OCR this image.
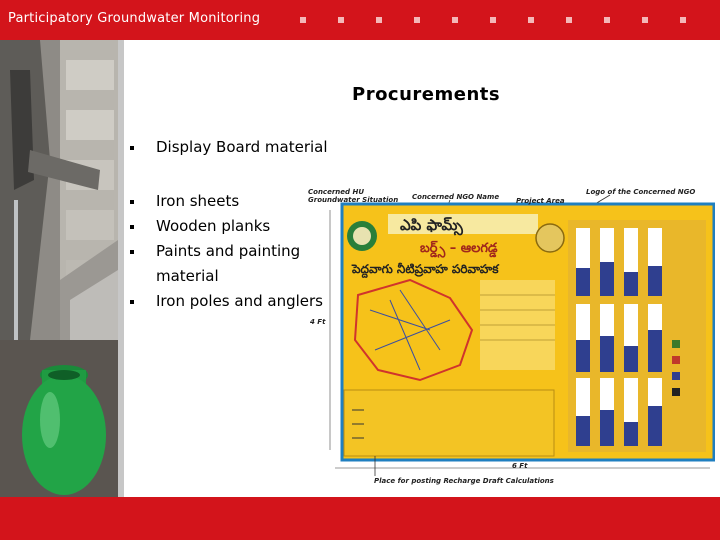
Participatory Groundwater Monitoring
Procurements
Display Board material
Iron sheets
Wooden planks
Paints and painting
material
Iron poles and anglers
ఎపి ఫామ్స్
బర్డ్స్ – ఆలగడ్డ
పెద్దవాగు నీటిప్రవాహ పరివాహక
Concerned HU
Groundwater Situation Concerned NGO Name Project Area
Logo of the Concerned NGO
4 Ft
6 Ft
Place for posting Recharge Draft Calculations
